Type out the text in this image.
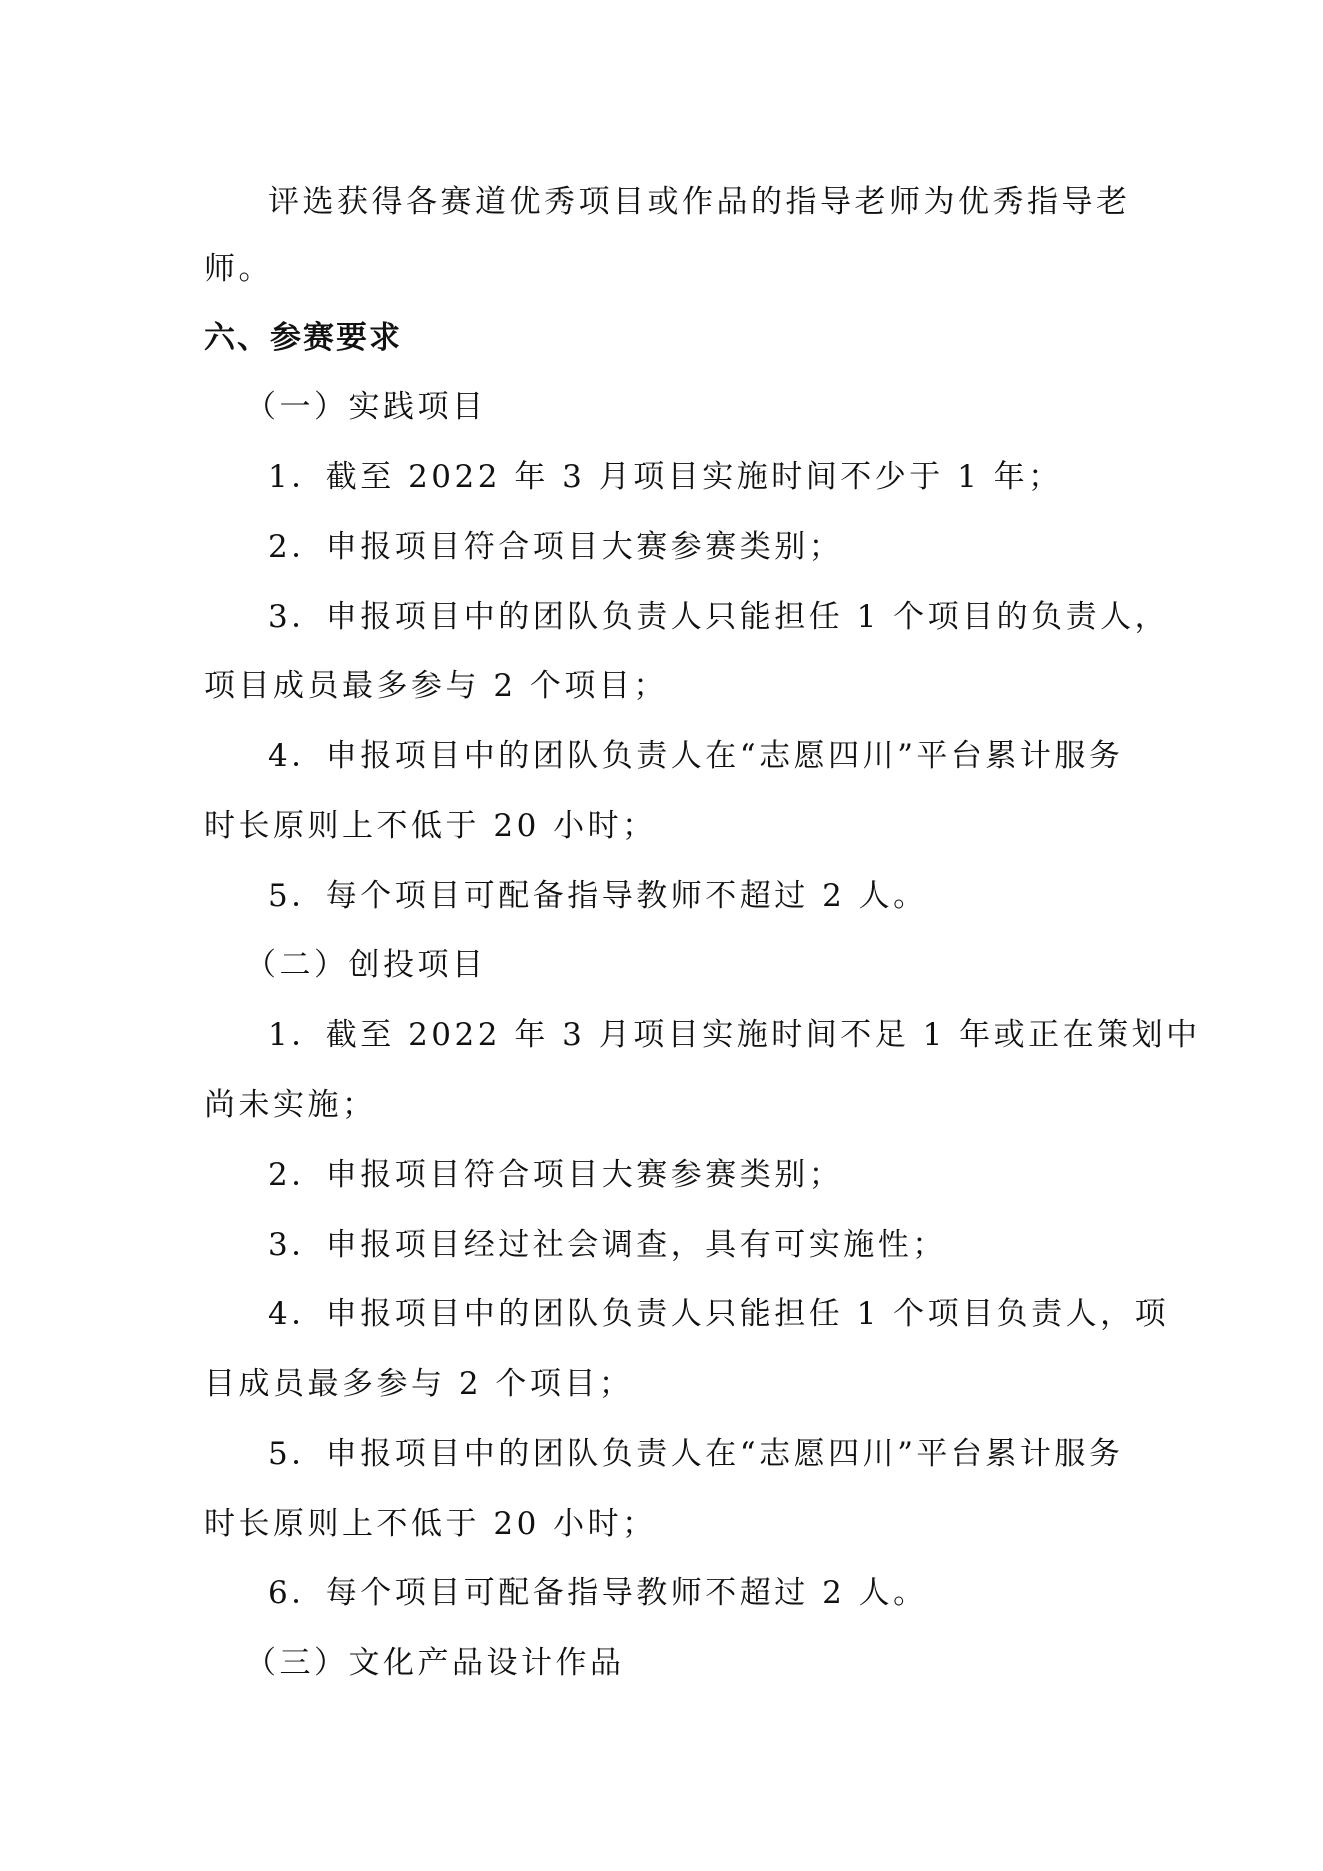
评选获得各赛道优秀项目或作品的指导老师为优秀指导老
师。
六、参赛要求
（一）实践项目
1．截至 2022 年 3 月项目实施时间不少于 1 年；
2．申报项目符合项目大赛参赛类别；
3．申报项目中的团队负责人只能担任 1 个项目的负责人，
项目成员最多参与 2 个项目；
4．申报项目中的团队负责人在“志愿四川”平台累计服务
时长原则上不低于 20 小时；
5．每个项目可配备指导教师不超过 2 人。
（二）创投项目
1．截至 2022 年 3 月项目实施时间不足 1 年或正在策划中
尚未实施；
2．申报项目符合项目大赛参赛类别；
3．申报项目经过社会调查，具有可实施性；
4．申报项目中的团队负责人只能担任 1 个项目负责人，项
目成员最多参与 2 个项目；
5．申报项目中的团队负责人在“志愿四川”平台累计服务
时长原则上不低于 20 小时；
6．每个项目可配备指导教师不超过 2 人。
（三）文化产品设计作品
